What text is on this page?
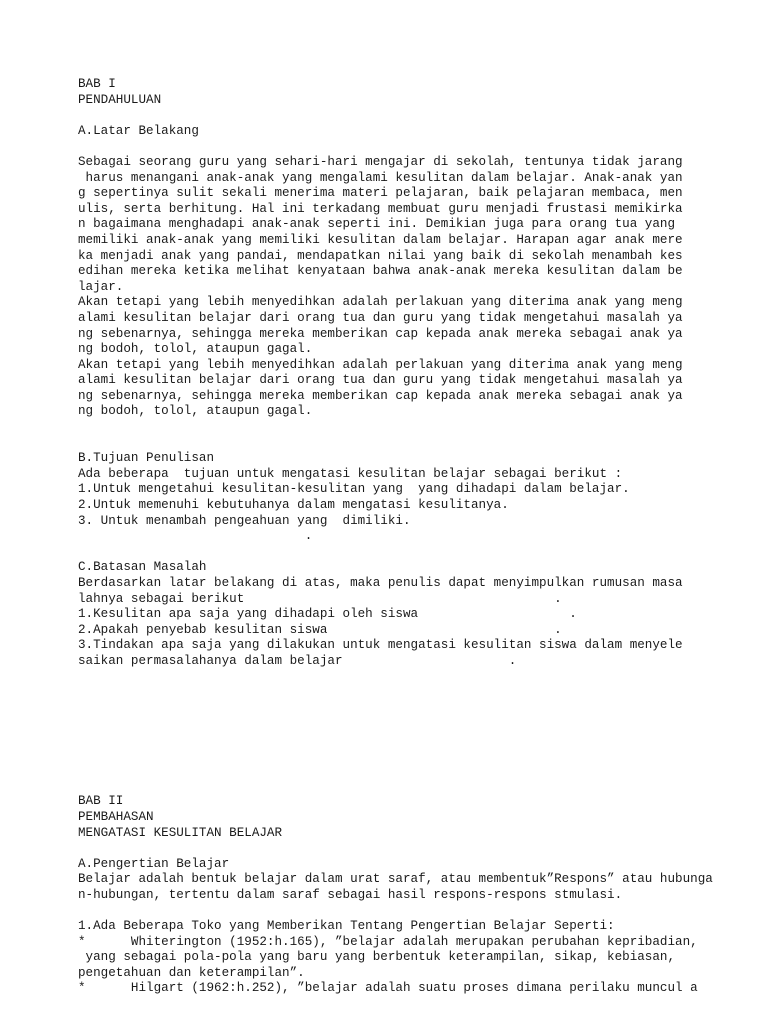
BAB I
PENDAHULUAN
A.Latar Belakang
Sebagai seorang guru yang sehari-hari mengajar di sekolah, tentunya tidak jarang
harus menangani anak-anak yang mengalami kesulitan dalam belajar. Anak-anak yan
g sepertinya sulit sekali menerima materi pelajaran, baik pelajaran membaca, men
ulis, serta berhitung. Hal ini terkadang membuat guru menjadi frustasi memikirka
n bagaimana menghadapi anak-anak seperti ini. Demikian juga para orang tua yang
memiliki anak-anak yang memiliki kesulitan dalam belajar. Harapan agar anak mere
ka menjadi anak yang pandai, mendapatkan nilai yang baik di sekolah menambah kes
edihan mereka ketika melihat kenyataan bahwa anak-anak mereka kesulitan dalam be
lajar.
Akan tetapi yang lebih menyedihkan adalah perlakuan yang diterima anak yang meng
alami kesulitan belajar dari orang tua dan guru yang tidak mengetahui masalah ya
ng sebenarnya, sehingga mereka memberikan cap kepada anak mereka sebagai anak ya
ng bodoh, tolol, ataupun gagal.
Akan tetapi yang lebih menyedihkan adalah perlakuan yang diterima anak yang meng
alami kesulitan belajar dari orang tua dan guru yang tidak mengetahui masalah ya
ng sebenarnya, sehingga mereka memberikan cap kepada anak mereka sebagai anak ya
ng bodoh, tolol, ataupun gagal.
B.Tujuan Penulisan
Ada beberapa  tujuan untuk mengatasi kesulitan belajar sebagai berikut :
1.Untuk mengetahui kesulitan-kesulitan yang  yang dihadapi dalam belajar.
2.Untuk memenuhi kebutuhanya dalam mengatasi kesulitanya.
3. Untuk menambah pengeahuan yang  dimiliki.
.
C.Batasan Masalah
Berdasarkan latar belakang di atas, maka penulis dapat menyimpulkan rumusan masa
lahnya sebagai berikut                                         .
1.Kesulitan apa saja yang dihadapi oleh siswa                    .
2.Apakah penyebab kesulitan siswa                              .
3.Tindakan apa saja yang dilakukan untuk mengatasi kesulitan siswa dalam menyele
saikan permasalahanya dalam belajar                      .
BAB II
PEMBAHASAN
MENGATASI KESULITAN BELAJAR
A.Pengertian Belajar
Belajar adalah bentuk belajar dalam urat saraf, atau membentuk”Respons” atau hubunga
n-hubungan, tertentu dalam saraf sebagai hasil respons-respons stmulasi.
1.Ada Beberapa Toko yang Memberikan Tentang Pengertian Belajar Seperti:
*      Whiterington (1952:h.165), ”belajar adalah merupakan perubahan kepribadian,
yang sebagai pola-pola yang baru yang berbentuk keterampilan, sikap, kebiasan,
pengetahuan dan keterampilan”.
*      Hilgart (1962:h.252), ”belajar adalah suatu proses dimana perilaku muncul a
